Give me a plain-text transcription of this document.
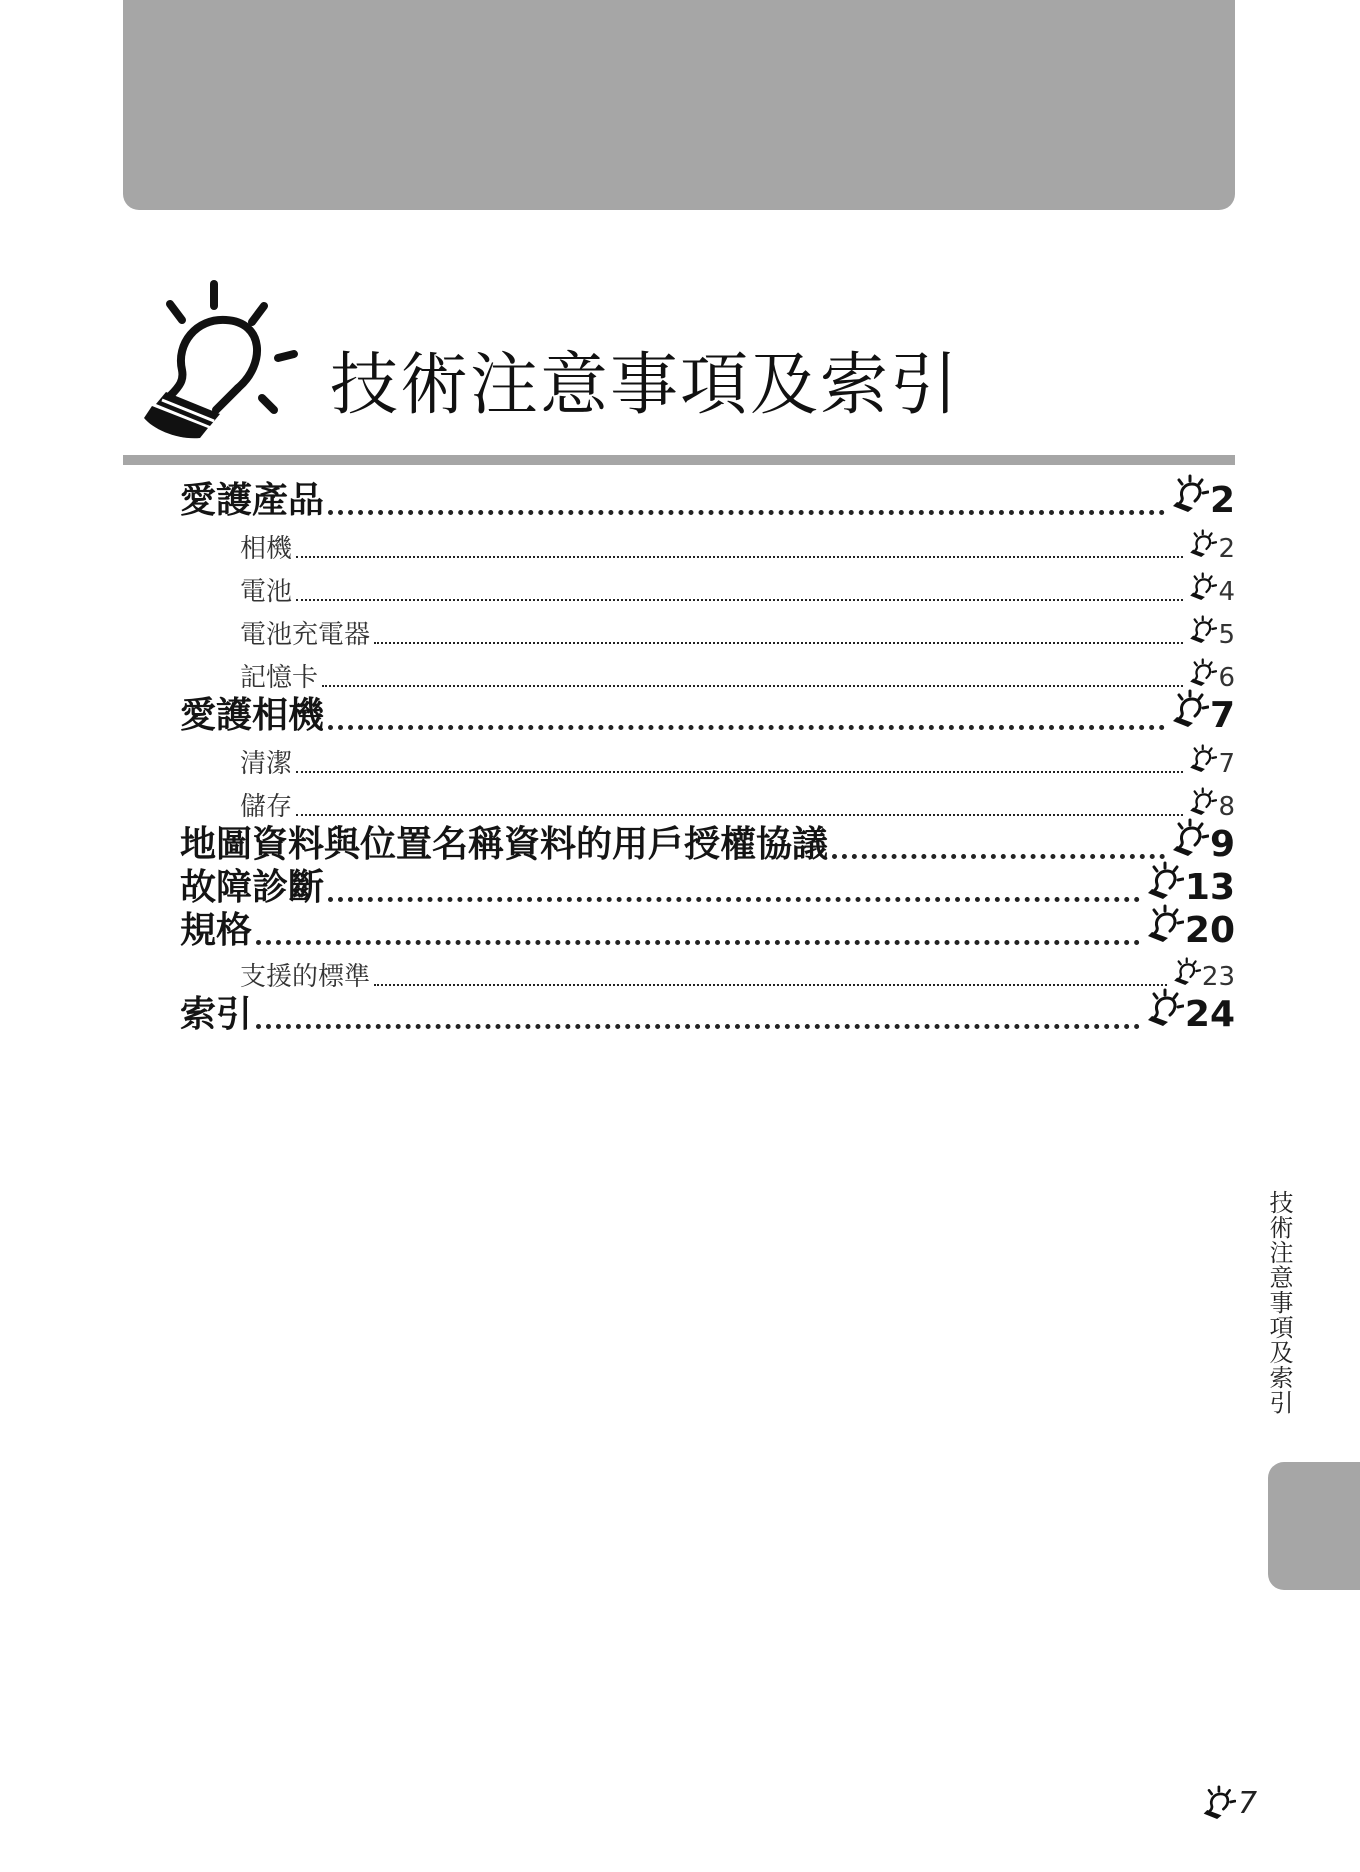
技術注意事項及索引
愛護產品	2
相機	2
電池	4
電池充電器	5
記憶卡	6
愛護相機	7
清潔	7
儲存	8
地圖資料與位置名稱資料的用戶授權協議	9
故障診斷	13
規格	20
支援的標準	23
索引	24
技術注意事項及索引
7
